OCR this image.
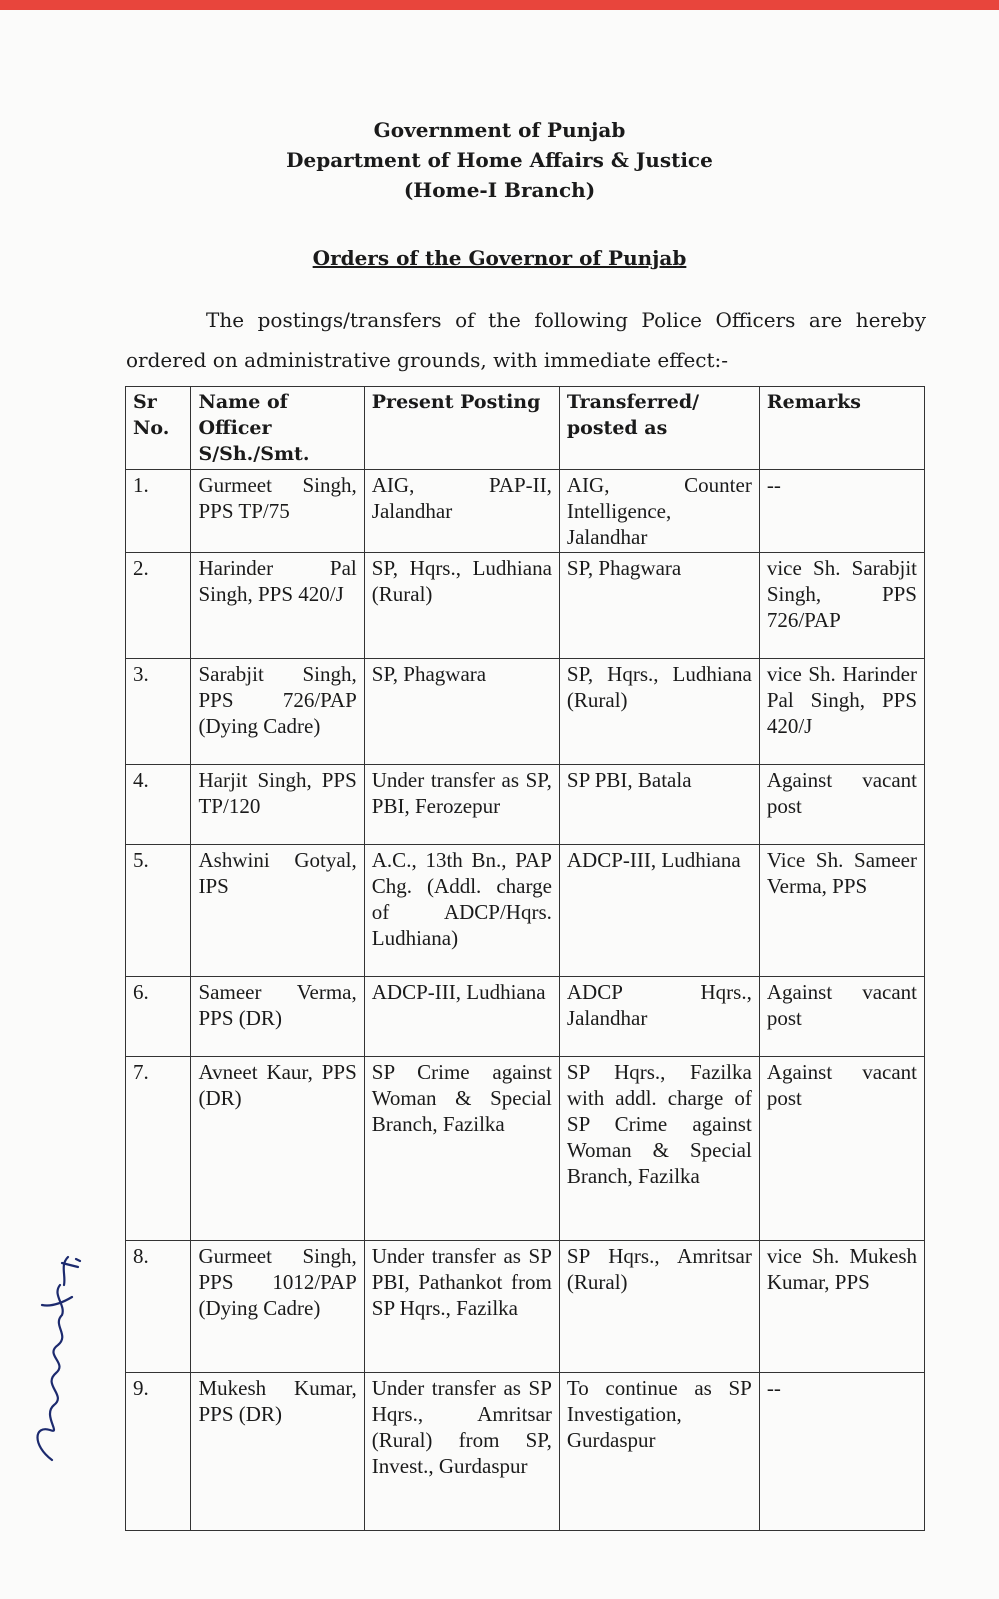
Government of Punjab
Department of Home Affairs & Justice
(Home-I Branch)
Orders of the Governor of Punjab
The postings/transfers of the following Police Officers are hereby ordered on administrative grounds, with immediate effect:-
Sr No.	Name of Officer S/Sh./Smt.	Present Posting	Transferred/ posted as	Remarks
1.	Gurmeet Singh, PPS TP/75	AIG, PAP-II, Jalandhar	AIG, Counter Intelligence, Jalandhar	--
2.	Harinder Pal Singh, PPS 420/J	SP, Hqrs., Ludhiana (Rural)	SP, Phagwara	vice Sh. Sarabjit Singh, PPS 726/PAP
3.	Sarabjit Singh, PPS 726/PAP (Dying Cadre)	SP, Phagwara	SP, Hqrs., Ludhiana (Rural)	vice Sh. Harinder Pal Singh, PPS 420/J
4.	Harjit Singh, PPS TP/120	Under transfer as SP, PBI, Ferozepur	SP PBI, Batala	Against vacant post
5.	Ashwini Gotyal, IPS	A.C., 13th Bn., PAP Chg. (Addl. charge of ADCP/Hqrs. Ludhiana)	ADCP-III, Ludhiana	Vice Sh. Sameer Verma, PPS
6.	Sameer Verma, PPS (DR)	ADCP-III, Ludhiana	ADCP Hqrs., Jalandhar	Against vacant post
7.	Avneet Kaur, PPS (DR)	SP Crime against Woman & Special Branch, Fazilka	SP Hqrs., Fazilka with addl. charge of SP Crime against Woman & Special Branch, Fazilka	Against vacant post
8.	Gurmeet Singh, PPS 1012/PAP (Dying Cadre)	Under transfer as SP PBI, Pathankot from SP Hqrs., Fazilka	SP Hqrs., Amritsar (Rural)	vice Sh. Mukesh Kumar, PPS
9.	Mukesh Kumar, PPS (DR)	Under transfer as SP Hqrs., Amritsar (Rural) from SP, Invest., Gurdaspur	To continue as SP Investigation, Gurdaspur	--
